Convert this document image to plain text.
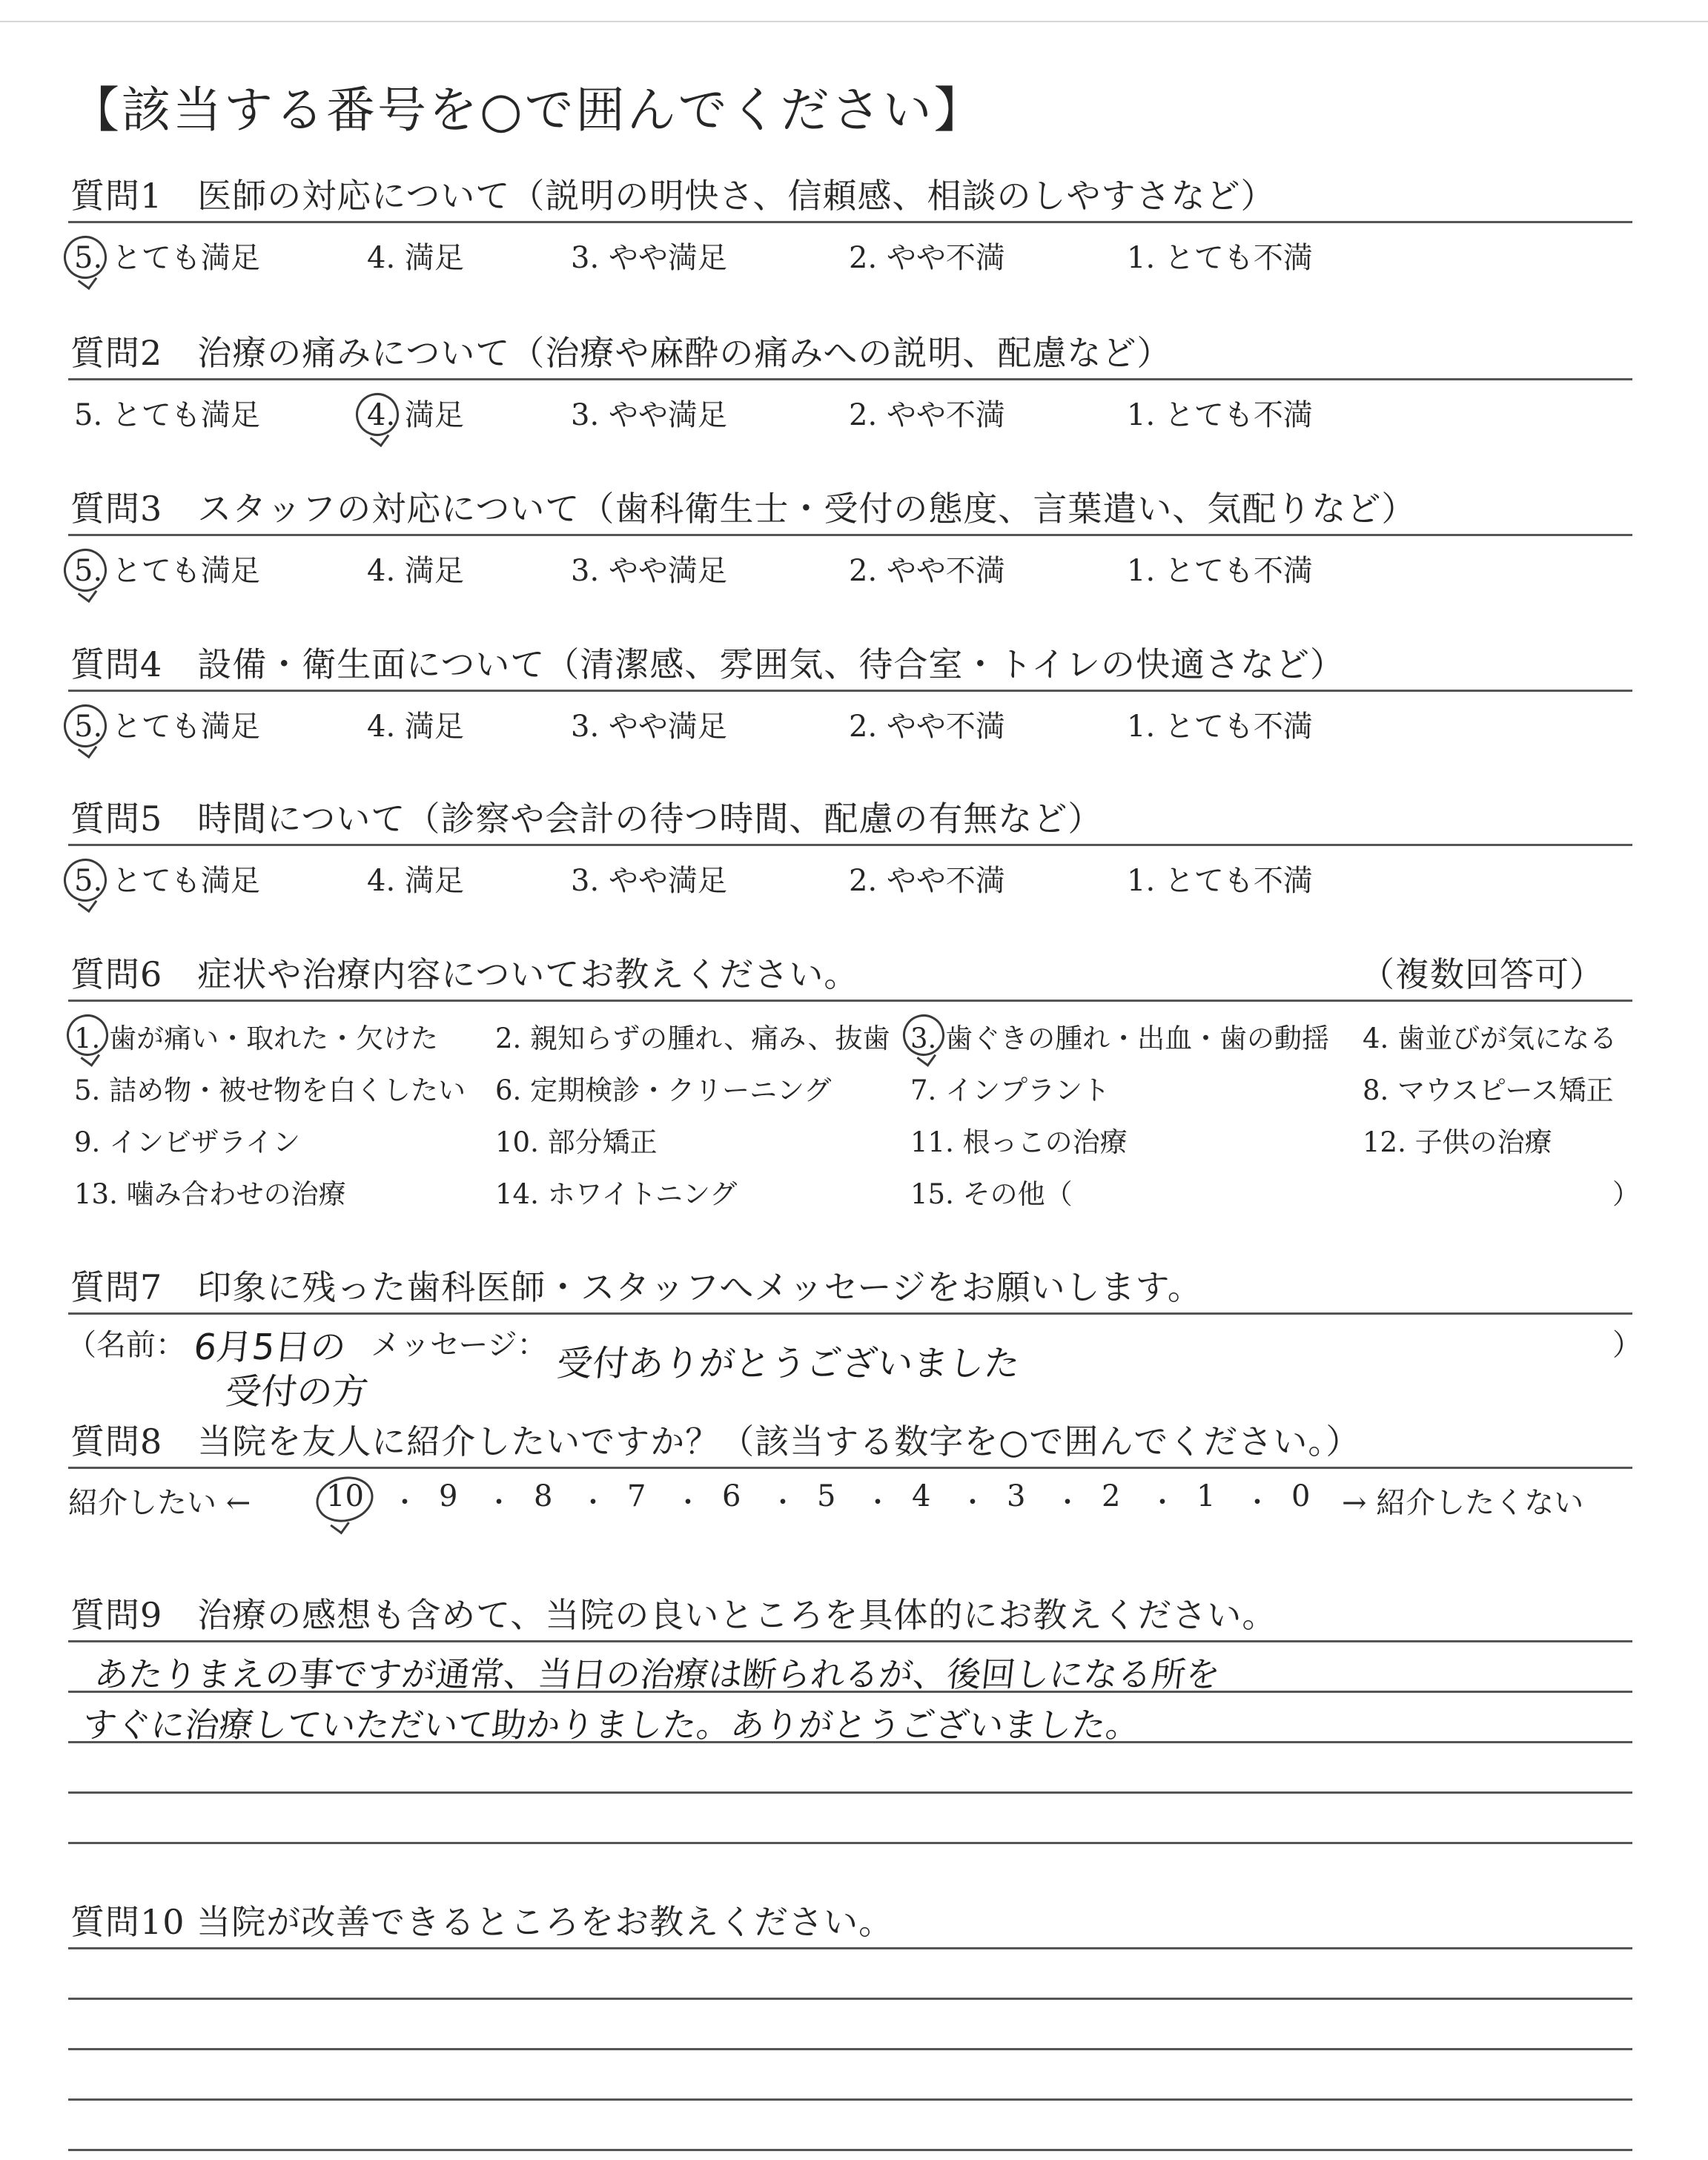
【該当する番号を○で囲んでください】
質問1　医師の対応について（説明の明快さ、信頼感、相談のしやすさなど）
5. とても満足	4. 満足	3. やや満足	2. やや不満	1. とても不満
質問2　治療の痛みについて（治療や麻酔の痛みへの説明、配慮など）
5. とても満足	4. 満足	3. やや満足	2. やや不満	1. とても不満
質問3　スタッフの対応について（歯科衛生士・受付の態度、言葉遣い、気配りなど）
5. とても満足	4. 満足	3. やや満足	2. やや不満	1. とても不満
質問4　設備・衛生面について（清潔感、雰囲気、待合室・トイレの快適さなど）
5. とても満足	4. 満足	3. やや満足	2. やや不満	1. とても不満
質問5　時間について（診察や会計の待つ時間、配慮の有無など）
5. とても満足	4. 満足	3. やや満足	2. やや不満	1. とても不満
質問6　症状や治療内容についてお教えください。	（複数回答可）
1. 歯が痛い・取れた・欠けた 2. 親知らずの腫れ、痛み、抜歯 3. 歯ぐきの腫れ・出血・歯の動揺 4. 歯並びが気になる
5. 詰め物・被せ物を白くしたい 6. 定期検診・クリーニング	7. インプラント	8. マウスピース矯正
9. インビザライン	10. 部分矯正	11. 根っこの治療	12. 子供の治療
13. 噛み合わせの治療	14. ホワイトニング	15. その他（	）
質問7　印象に残った歯科医師・スタッフへメッセージをお願いします。
（名前： 6月5日の
受付の方
メッセージ： 受付ありがとうございました	）
質問8　当院を友人に紹介したいですか？（該当する数字を○で囲んでください。）
紹介したい ←	10 ・ 9 ・ 8 ・ 7 ・ 6 ・ 5 ・ 4 ・ 3 ・ 2 ・ 1 ・ 0 → 紹介したくない
質問9　治療の感想も含めて、当院の良いところを具体的にお教えください。
あたりまえの事ですが通常、当日の治療は断られるが、後回しになる所を
すぐに治療していただいて助かりました。ありがとうございました。
質問10 当院が改善できるところをお教えください。
